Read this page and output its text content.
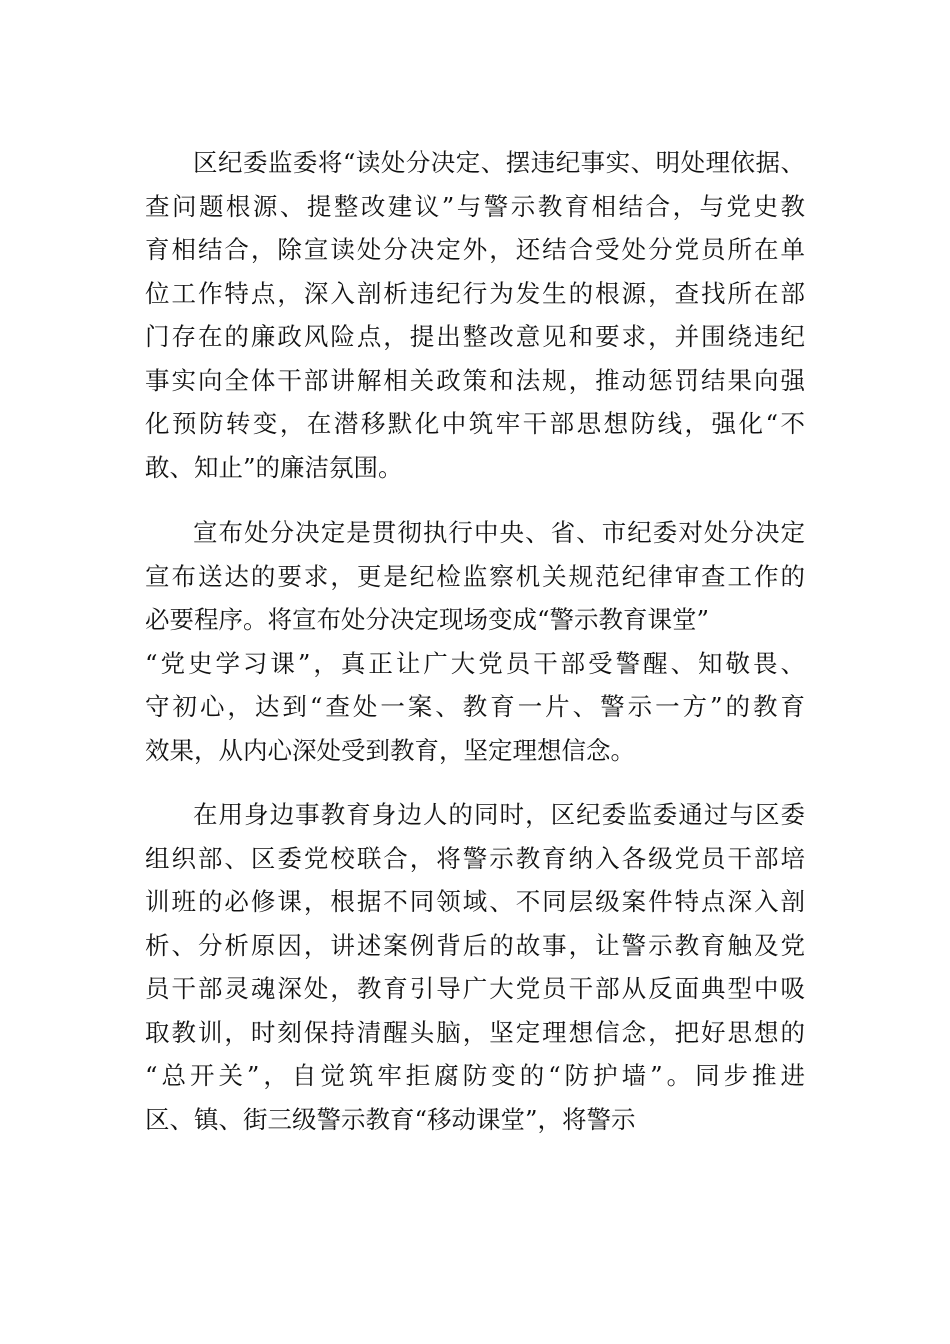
区纪委监委将“读处分决定、摆违纪事实、明处理依据、
查问题根源、提整改建议”与警示教育相结合，与党史教
育相结合，除宣读处分决定外，还结合受处分党员所在单
位工作特点，深入剖析违纪行为发生的根源，查找所在部
门存在的廉政风险点，提出整改意见和要求，并围绕违纪
事实向全体干部讲解相关政策和法规，推动惩罚结果向强
化预防转变，在潜移默化中筑牢干部思想防线，强化“不
敢、知止”的廉洁氛围。
宣布处分决定是贯彻执行中央、省、市纪委对处分决定
宣布送达的要求，更是纪检监察机关规范纪律审查工作的
必要程序。将宣布处分决定现场变成“警示教育课堂”
“党史学习课”，真正让广大党员干部受警醒、知敬畏、
守初心，达到“查处一案、教育一片、警示一方”的教育
效果，从内心深处受到教育，坚定理想信念。
在用身边事教育身边人的同时，区纪委监委通过与区委
组织部、区委党校联合，将警示教育纳入各级党员干部培
训班的必修课，根据不同领域、不同层级案件特点深入剖
析、分析原因，讲述案例背后的故事，让警示教育触及党
员干部灵魂深处，教育引导广大党员干部从反面典型中吸
取教训，时刻保持清醒头脑，坚定理想信念，把好思想的
“总开关”，自觉筑牢拒腐防变的“防护墙”。同步推进
区、镇、街三级警示教育“移动课堂”，将警示
